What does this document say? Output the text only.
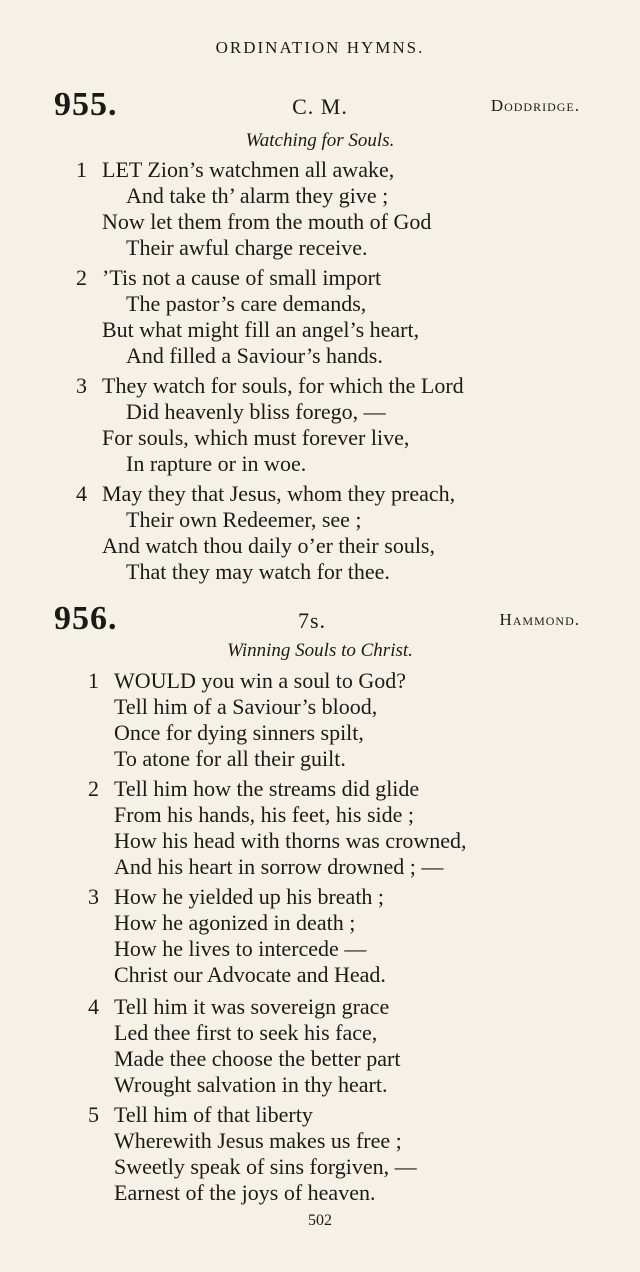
ORDINATION HYMNS.
955.	C. M.	Doddridge.
Watching for Souls.
1 LET Zion’s watchmen all awake,
And take th’ alarm they give ;
Now let them from the mouth of God
Their awful charge receive.
2 ’Tis not a cause of small import
The pastor’s care demands,
But what might fill an angel’s heart,
And filled a Saviour’s hands.
3 They watch for souls, for which the Lord
Did heavenly bliss forego, —
For souls, which must forever live,
In rapture or in woe.
4 May they that Jesus, whom they preach,
Their own Redeemer, see ;
And watch thou daily o’er their souls,
That they may watch for thee.
956.	7s.	Hammond.
Winning Souls to Christ.
1 WOULD you win a soul to God?
Tell him of a Saviour’s blood,
Once for dying sinners spilt,
To atone for all their guilt.
2 Tell him how the streams did glide
From his hands, his feet, his side ;
How his head with thorns was crowned,
And his heart in sorrow drowned ; —
3 How he yielded up his breath ;
How he agonized in death ;
How he lives to intercede —
Christ our Advocate and Head.
4 Tell him it was sovereign grace
Led thee first to seek his face,
Made thee choose the better part
Wrought salvation in thy heart.
5 Tell him of that liberty
Wherewith Jesus makes us free ;
Sweetly speak of sins forgiven, —
Earnest of the joys of heaven.
502
